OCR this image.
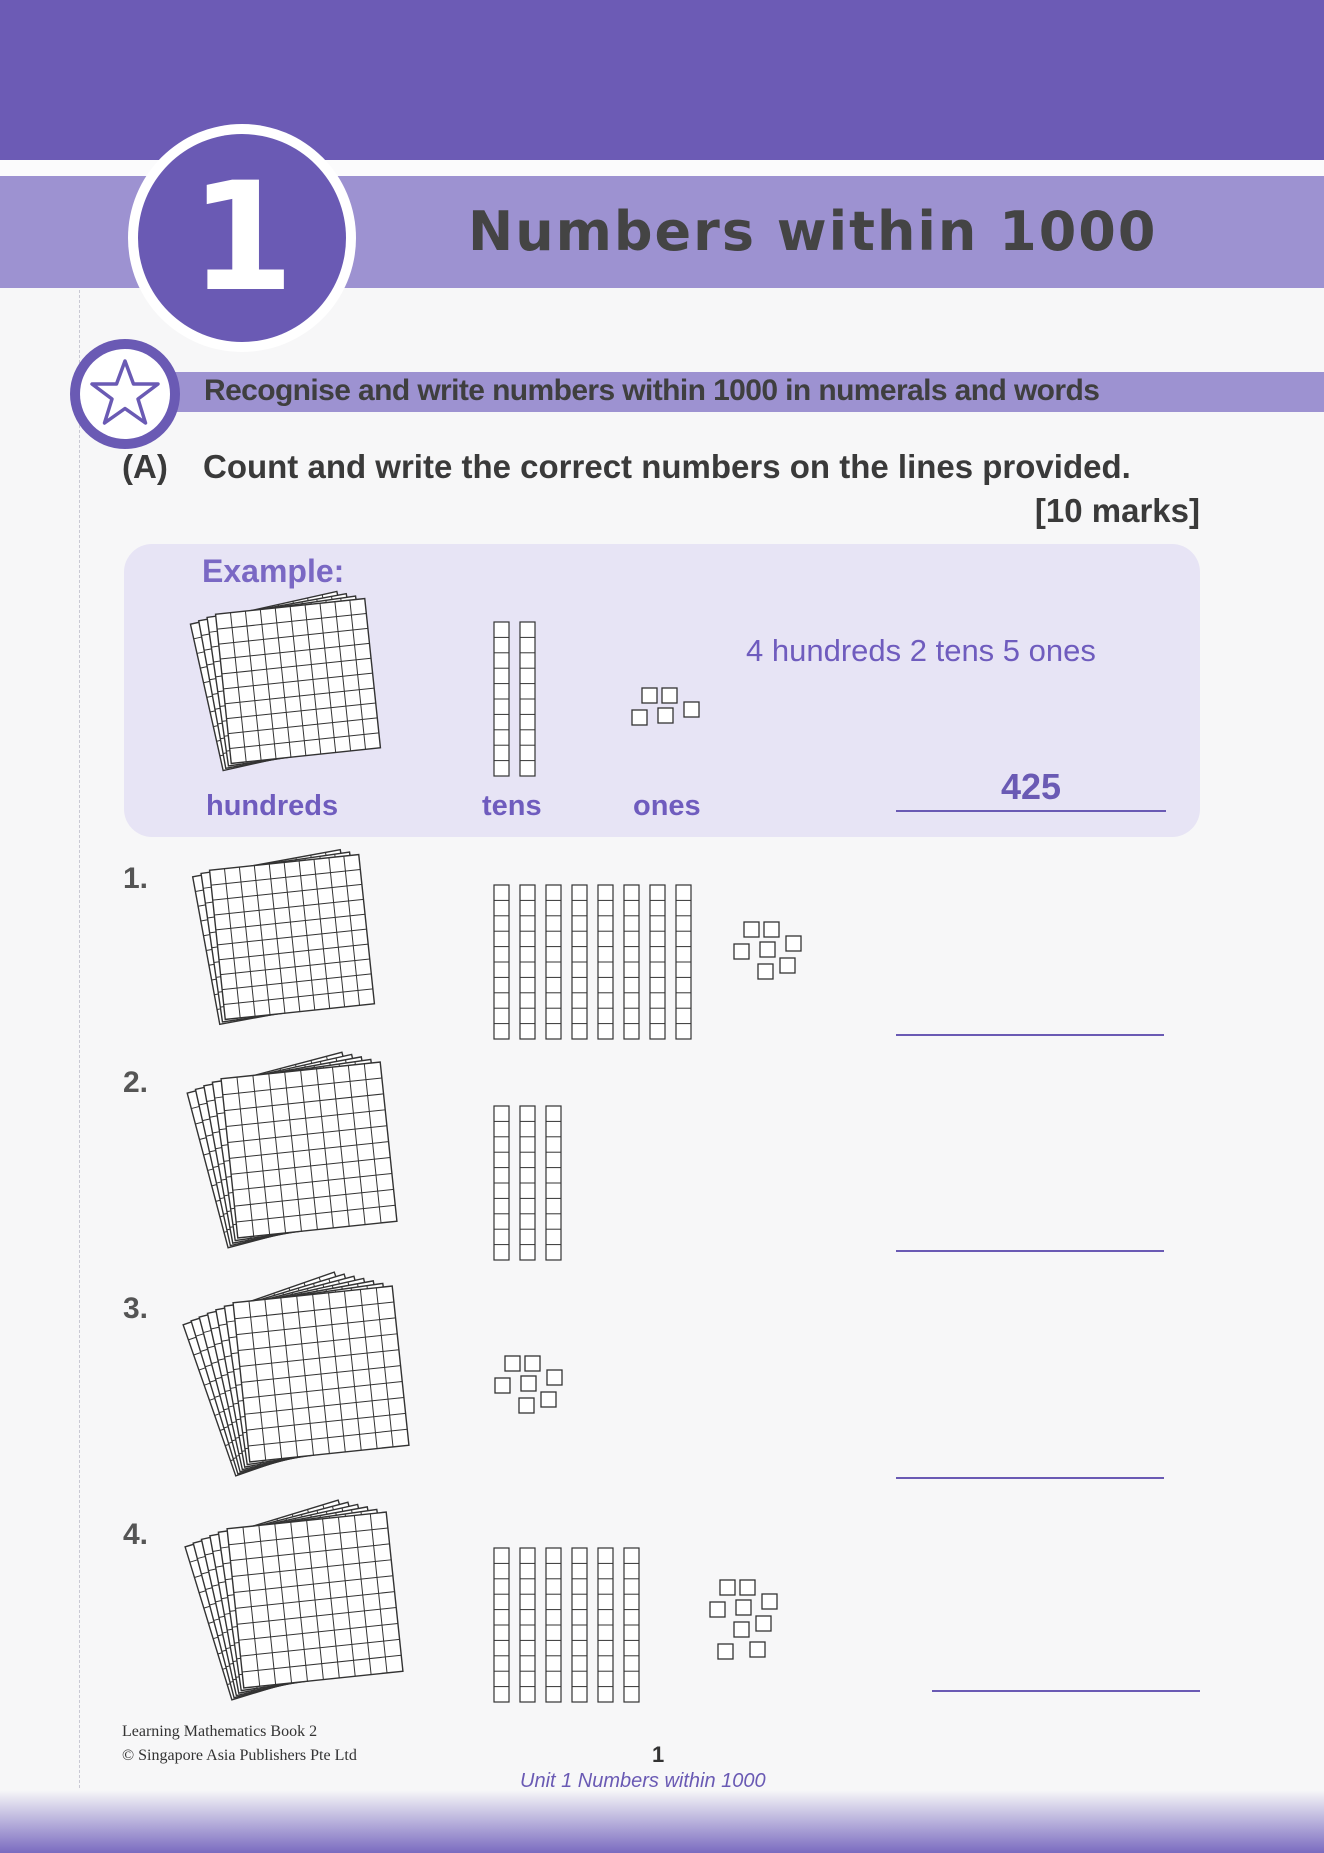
1	Numbers within 1000
Recognise and write numbers within 1000 in numerals and words
(A) Count and write the correct numbers on the lines provided.
[10 marks]
Example:
4 hundreds 2 tens 5 ones
425
hundreds	tens	ones
1.
2.
3.
4.
Learning Mathematics Book 2
© Singapore Asia Publishers Pte Ltd	1
Unit 1 Numbers within 1000
